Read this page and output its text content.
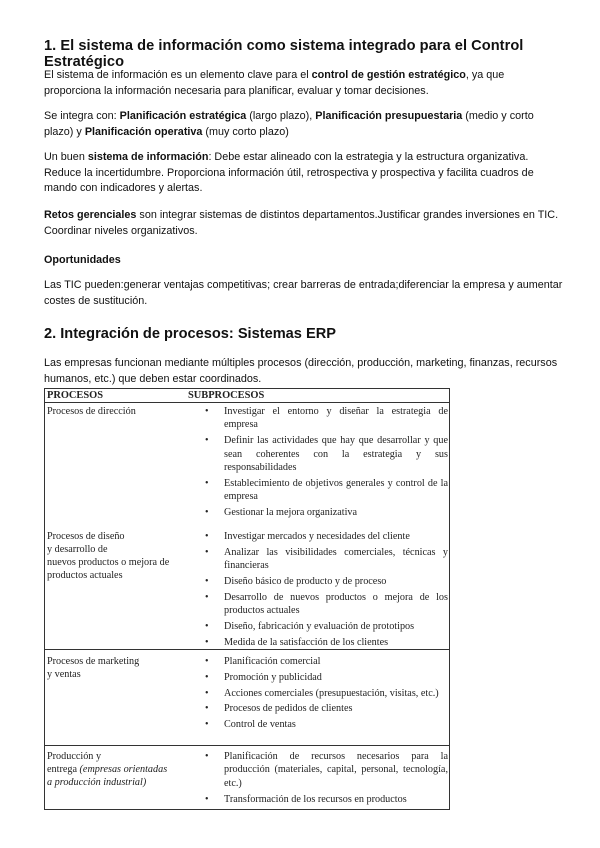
1. El sistema de información como sistema integrado para el Control Estratégico

El sistema de información es un elemento clave para el control de gestión estratégico, ya que proporciona la información necesaria para planificar, evaluar y tomar decisiones.

Se integra con: Planificación estratégica (largo plazo), Planificación presupuestaria (medio y corto plazo) y Planificación operativa (muy corto plazo)

Un buen sistema de información: Debe estar alineado con la estrategia y la estructura organizativa. Reduce la incertidumbre. Proporciona información útil, retrospectiva y prospectiva y facilita cuadros de mando con indicadores y alertas.

Retos gerenciales son integrar sistemas de distintos departamentos.Justificar grandes inversiones en TIC. Coordinar niveles organizativos.

Oportunidades

Las TIC pueden:generar ventajas competitivas; crear barreras de entrada;diferenciar la empresa y aumentar costes de sustitución.

2. Integración de procesos: Sistemas ERP

Las empresas funcionan mediante múltiples procesos (dirección, producción, marketing, finanzas, recursos humanos, etc.) que deben estar coordinados.

PROCESOS	SUBPROCESOS
Procesos de dirección
•	Investigar el entorno y diseñar la estrategia de empresa
• Definir las actividades que hay que desarrollar y que sean coherentes con la estrategia y sus responsabilidades
• Establecimiento de objetivos generales y control de la empresa
• Gestionar la mejora organizativa
Procesos de diseño
y desarrollo de
nuevos productos o mejora de
productos actuales
• Investigar mercados y necesidades del cliente
• Analizar las visibilidades comerciales, técnicas y financieras
• Diseño básico de producto y de proceso
• Desarrollo de nuevos productos o mejora de los productos actuales
• Diseño, fabricación y evaluación de prototipos
• Medida de la satisfacción de los clientes
Procesos de marketing
y ventas
• Planificación comercial
• Promoción y publicidad
• Acciones comerciales (presupuestación, visitas, etc.)
• Procesos de pedidos de clientes
• Control de ventas
Producción y
entrega (empresas orientadas
a producción industrial)
• Planificación de recursos necesarios para la producción (materiales, capital, personal, tecnología, etc.)
• Transformación de los recursos en productos
